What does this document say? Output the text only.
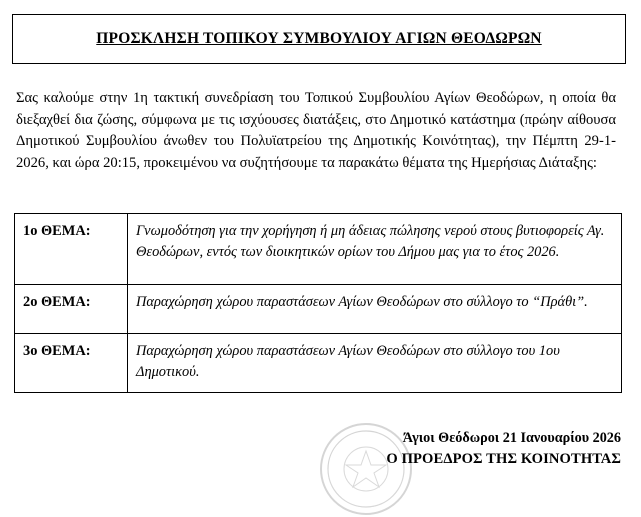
ΠΡΟΣΚΛΗΣΗ ΤΟΠΙΚΟΥ ΣΥΜΒΟΥΛΙΟΥ ΑΓΙΩΝ ΘΕΟΔΩΡΩΝ
Σας καλούμε στην 1η τακτική συνεδρίαση του Τοπικού Συμβουλίου Αγίων Θεοδώρων, η οποία θα διεξαχθεί δια ζώσης, σύμφωνα με τις ισχύουσες διατάξεις, στο Δημοτικό κατάστημα (πρώην αίθουσα Δημοτικού Συμβουλίου άνωθεν του Πολυϊατρείου της Δημοτικής Κοινότητας), την Πέμπτη 29-1-2026, και ώρα 20:15, προκειμένου να συζητήσουμε τα παρακάτω θέματα της Ημερήσιας Διάταξης:
1ο ΘΕΜΑ:	Γνωμοδότηση για την χορήγηση ή μη άδειας πώλησης νερού στους βυτιοφορείς Αγ. Θεοδώρων, εντός των διοικητικών ορίων του Δήμου μας για το έτος 2026.
2ο ΘΕΜΑ:	Παραχώρηση χώρου παραστάσεων Αγίων Θεοδώρων στο σύλλογο το “Πράθι”.
3ο ΘΕΜΑ:	Παραχώρηση χώρου παραστάσεων Αγίων Θεοδώρων στο σύλλογο του 1ου Δημοτικού.
Άγιοι Θεόδωροι 21 Ιανουαρίου 2026
Ο ΠΡΟΕΔΡΟΣ ΤΗΣ ΚΟΙΝΟΤΗΤΑΣ
